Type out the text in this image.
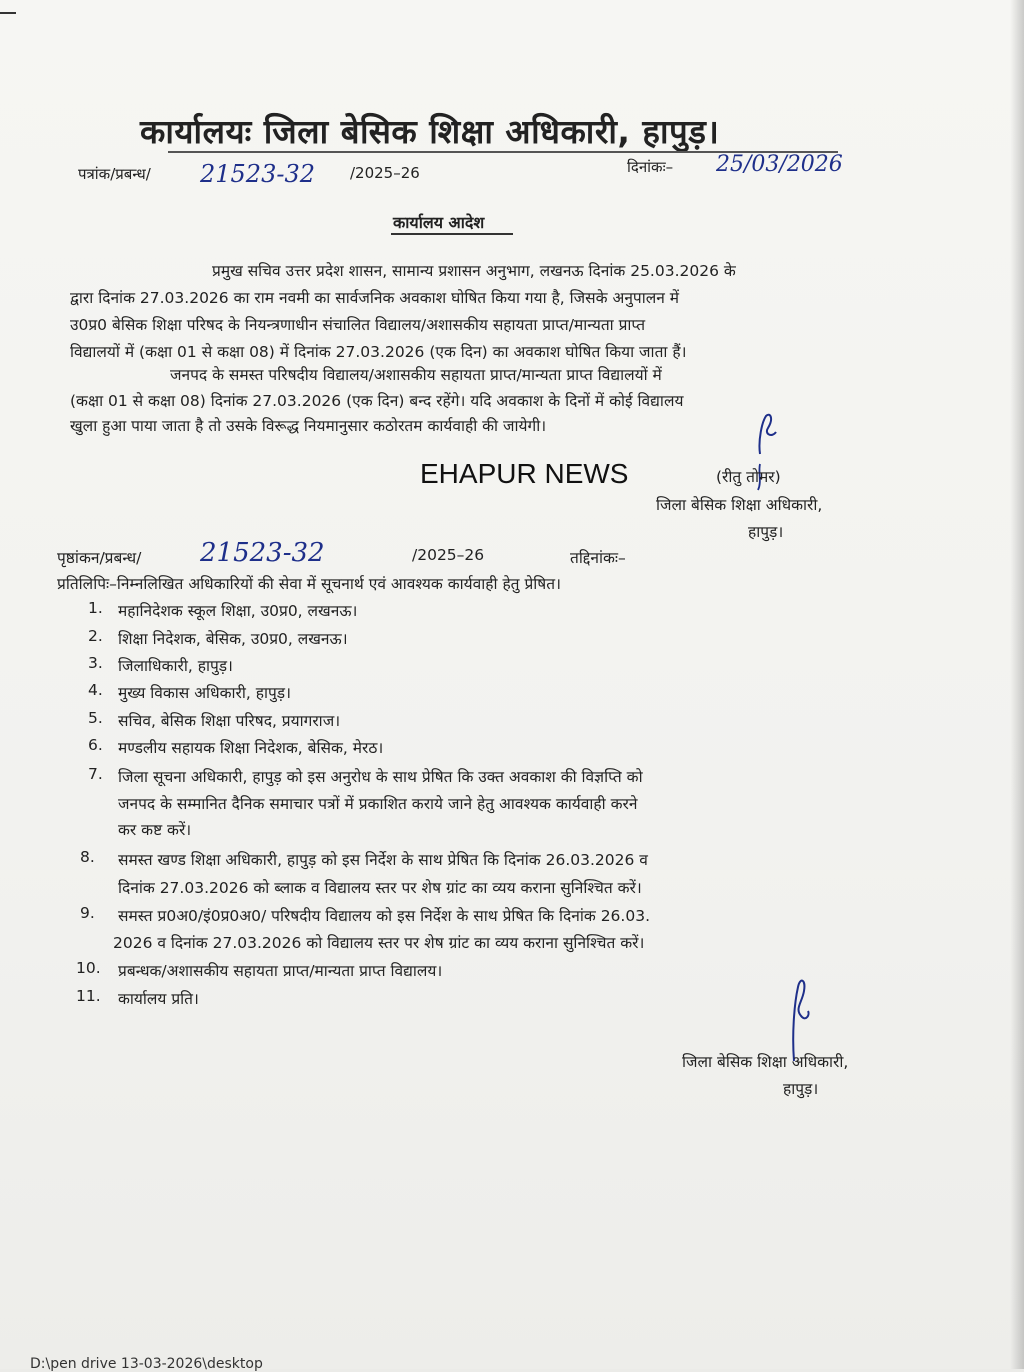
कार्यालयः जिला बेसिक शिक्षा अधिकारी, हापुड़।
पत्रांक/प्रबन्ध/ 21523-32 /2025–26	दिनांकः– 25/03/2026
कार्यालय आदेश
प्रमुख सचिव उत्तर प्रदेश शासन, सामान्य प्रशासन अनुभाग, लखनऊ दिनांक 25.03.2026 के
द्वारा दिनांक 27.03.2026 का राम नवमी का सार्वजनिक अवकाश घोषित किया गया है, जिसके अनुपालन में
उ0प्र0 बेसिक शिक्षा परिषद के नियन्त्रणाधीन संचालित विद्यालय/अशासकीय सहायता प्राप्त/मान्यता प्राप्त
विद्यालयों में (कक्षा 01 से कक्षा 08) में दिनांक 27.03.2026 (एक दिन) का अवकाश घोषित किया जाता हैं।
जनपद के समस्त परिषदीय विद्यालय/अशासकीय सहायता प्राप्त/मान्यता प्राप्त विद्यालयों में
(कक्षा 01 से कक्षा 08) दिनांक 27.03.2026 (एक दिन) बन्द रहेंगे। यदि अवकाश के दिनों में कोई विद्यालय
खुला हुआ पाया जाता है तो उसके विरूद्ध नियमानुसार कठोरतम कार्यवाही की जायेगी।
EHAPUR NEWS	(रीतु तोमर)
जिला बेसिक शिक्षा अधिकारी,
हापुड़।
पृष्ठांकन/प्रबन्ध/ 21523-32	/2025–26	तद्दिनांकः–
प्रतिलिपिः–निम्नलिखित अधिकारियों की सेवा में सूचनार्थ एवं आवश्यक कार्यवाही हेतु प्रेषित।
1. महानिदेशक स्कूल शिक्षा, उ0प्र0, लखनऊ।
2. शिक्षा निदेशक, बेसिक, उ0प्र0, लखनऊ।
3. जिलाधिकारी, हापुड़।
4. मुख्य विकास अधिकारी, हापुड़।
5. सचिव, बेसिक शिक्षा परिषद, प्रयागराज।
6. मण्डलीय सहायक शिक्षा निदेशक, बेसिक, मेरठ।
7. जिला सूचना अधिकारी, हापुड़ को इस अनुरोध के साथ प्रेषित कि उक्त अवकाश की विज्ञप्ति को
जनपद के सम्मानित दैनिक समाचार पत्रों में प्रकाशित कराये जाने हेतु आवश्यक कार्यवाही करने
कर कष्ट करें।
8. समस्त खण्ड शिक्षा अधिकारी, हापुड़ को इस निर्देश के साथ प्रेषित कि दिनांक 26.03.2026 व
दिनांक 27.03.2026 को ब्लाक व विद्यालय स्तर पर शेष ग्रांट का व्यय कराना सुनिश्चित करें।
9. समस्त प्र0अ0/इं0प्र0अ0/ परिषदीय विद्यालय को इस निर्देश के साथ प्रेषित कि दिनांक 26.03.
2026 व दिनांक 27.03.2026 को विद्यालय स्तर पर शेष ग्रांट का व्यय कराना सुनिश्चित करें।
10. प्रबन्धक/अशासकीय सहायता प्राप्त/मान्यता प्राप्त विद्यालय।
11. कार्यालय प्रति।
जिला बेसिक शिक्षा अधिकारी,
हापुड़।
D:\pen drive 13-03-2026\desktop
